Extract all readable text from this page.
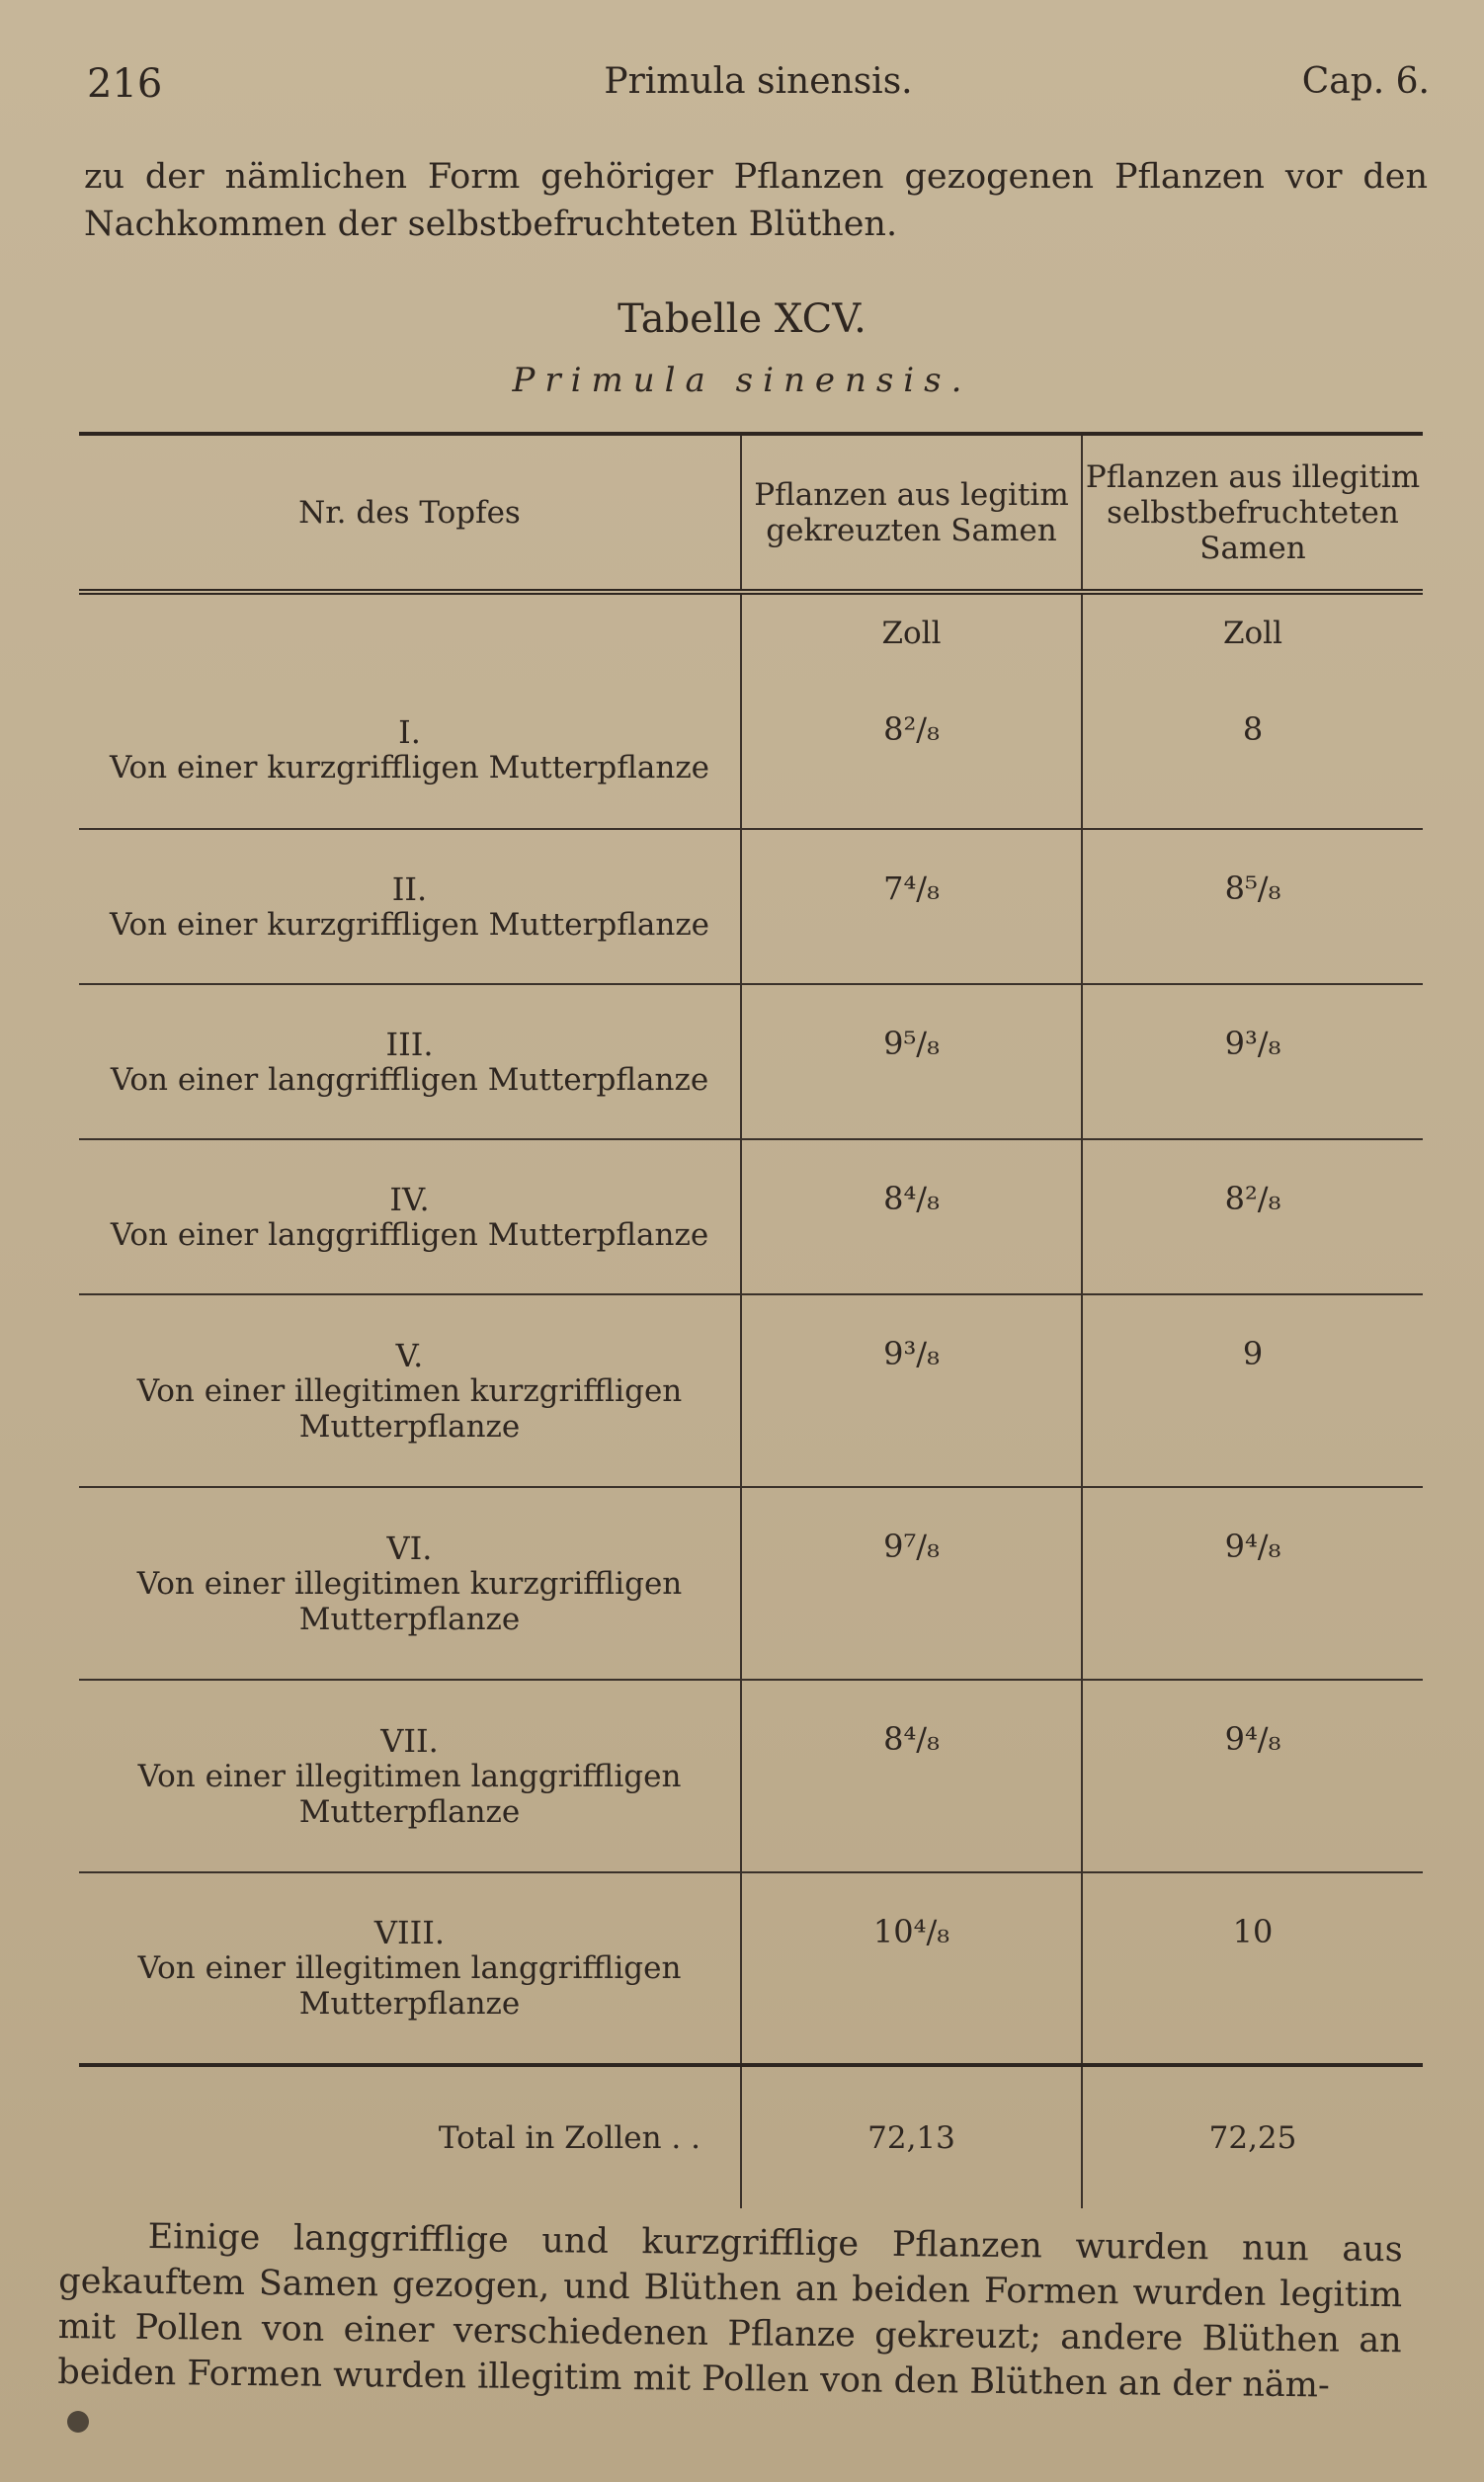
216	Primula sinensis.	Cap. 6.

zu der nämlichen Form gehöriger Pflanzen gezogenen Pflanzen vor den Nachkommen der selbstbefruchteten Blüthen.

Tabelle XCV.
Primula sinensis.
Nr. des Topfes	Pflanzen aus legitim gekreuzten Samen	Pflanzen aus illegitim selbstbefruchteten Samen
	Zoll	Zoll

I.
Von einer kurzgriffligen Mutterpflanze	8²/₈	8

II.
Von einer kurzgriffligen Mutterpflanze	7⁴/₈	8⁵/₈

III.
Von einer langgriffligen Mutterpflanze	9⁵/₈	9³/₈

IV.
Von einer langgriffligen Mutterpflanze	8⁴/₈	8²/₈

V.
Von einer illegitimen kurzgriffligen Mutterpflanze	9³/₈	9

VI.
Von einer illegitimen kurzgriffligen Mutterpflanze	9⁷/₈	9⁴/₈

VII.
Von einer illegitimen langgriffligen Mutterpflanze	8⁴/₈	9⁴/₈

VIII.
Von einer illegitimen langgriffligen Mutterpflanze	10⁴/₈	10
Total in Zollen . .	72,13	72,25

Einige langgrifflige und kurzgrifflige Pflanzen wurden nun aus gekauftem Samen gezogen, und Blüthen an beiden Formen wurden legitim mit Pollen von einer verschiedenen Pflanze gekreuzt; andere Blüthen an beiden Formen wurden illegitim mit Pollen von den Blüthen an der näm-
